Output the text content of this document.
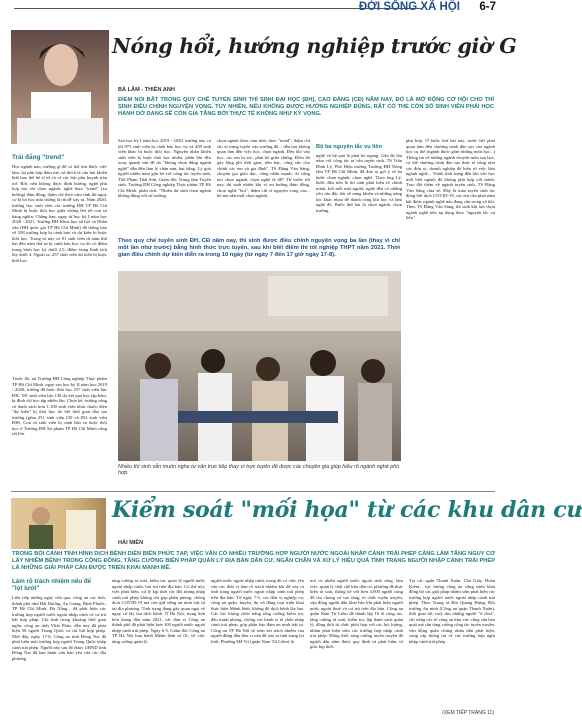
ĐỜI SỐNG XÃ HỘI 6-7
Nóng hổi, hướng nghiệp trước giờ G
BÀ LÂM - THIÊN ANH
ĐIỂM NỔI BẬT TRONG QUY CHẾ TUYỂN SINH THÌ SINH ĐẠI HỌC (ĐH), CAO ĐẲNG (CĐ) NĂM NAY, ĐÓ LÀ MỞ RỘNG CƠ HỘI CHO THÍ SINH ĐIỀU CHỈNH NGUYỆN VỌNG. TUY NHIÊN, NẾU KHÔNG ĐƯỢC HƯỚNG NGHIỆP ĐÚNG, RẤT CÓ THỂ CÒN SỐ SINH VIÊN PHẢI HỌC HÀNH DỞ DANG SẼ CÒN GIA TĂNG BỞI THỰC TẾ KHÔNG NHƯ KỲ VỌNG.
Trái đắng "trend"
Học ngành nào, trường gì để có thể tìm được việc làm, lại phù hợp đam mê, sở thích là câu hỏi khiến biết bao thế hệ sĩ tử và cả các bậc phụ huynh trăn trở. Bởi, nếu không được định hướng, nghề phù hợp mà chỉ chọn ngành, nghề theo "trend" (xu hướng) đám đông, thậm chí theo cảm tính thì nguy cơ bị bỏ học nửa chừng là rất dễ xảy ra. Năm 2020, trường học sinh viên các trường ĐH TP Hồ Chí Minh bị buộc thôi học giữa chừng lên tới con số hàng nghìn. Chẳng hạn, ngay từ học kỳ I năm học 2020 - 2021, Trường ĐH Khoa học xã hội và Nhân văn (ĐH quốc gia TP Hồ Chí Minh) đã thông báo về 358 trường hợp bị cảnh báo và dự kiến bị buộc thôi học. Trong số này có 91 sinh viên từ năm thứ hai đến năm thứ tư bị cảnh báo học vụ do có điểm trung bình học kỳ dưới 2,5; điểm trung bình tích lũy dưới 4. Ngoài ra, 257 sinh viên dự kiến bị buộc thôi học.
Trước đó, tại Trường ĐH Công nghiệp Thực phẩm TP Hồ Chí Minh, ngay sau học kỳ II năm học 2019 - 2020, trường đã buộc thôi học 257 sinh viên bậc ĐH, 181 sinh viên bậc CĐ do kết quả học tập kém, bị đình chỉ học tập nhiều lần. Chưa kể, trường cũng có danh sách hơn 1.100 sinh viên khác thuộc diện "dự kiến" bị thôi học do hết thời gian đào tạo trường (gồm 251 sinh viên CĐ và 852 sinh viên ĐH). Con số sinh viên bị cảnh báo và buộc thôi học ở Trường ĐH Sư phạm TP Hồ Chí Minh cũng rất lớn.
Sau học kỳ I năm học 2019 - 2020, trường này có tới 975 sinh viên bị cảnh báo học vụ và 458 sinh viên khác bị buộc thôi học. Nguyên nhân khiến sinh viên bị buộc thôi học nhiều, phần lớn đều xoay quanh vấn đề do "không chọn đúng ngành nghề" dẫn đến làm lý chán nản, hụt hẫng. Lý giải người nhiều năm gắn bó với công tác tuyển sinh, ThS Phạm Thái Sơn, Giám đốc Trung tâm Tuyển sinh, Trường ĐH Công nghiệp Thực phẩm TP Hồ Chí Minh, phân tích: "Nhiều thí sinh chọn ngành không đúng với sở trường.
chọn ngành theo cảm tính, theo "trend", thậm chí chỉ vì trúng tuyển vào trường đó... dẫu mà không quan tâm đến việc học, chọn ngành. Đến khi vào học, các em bị sốc, phải bỏ giữa chừng. Điều đó gây lãng phí thời gian, tiền bạc, công sức cho chính các em và gia đình". TS Đặng Văn Sáng, chuyên gia giáo dục, cũng nhấn mạnh: Ai cũng nói chọn ngành, chọn nghề là dễ? Từ trước tới nay, thí sinh nhiều khi vì xu hướng đám đông, chọn nghề "hot", thậm chí vì nguyện vọng của... bố mẹ nên mới chọn ngành,
Bộ ba nguyện tắc vụ liên
nghề và hệ quả là phải bỏ ngang. Gần đó lâu năm với công tác tư vấn tuyển sinh, TS Trần Đình Lý, Phó Hiệu trưởng Trường ĐH Nông lâm TP Hồ Chí Minh, đã đưa ra gợi ý về ba bước chọn ngành, chọn nghề. Theo ông Lý, bước đầu tiên là thí sinh phải hiểu rõ chính mình, bởi mỗi một người, nghề đều có những yêu cầu đặc thù về năng khiếu và những năng lực khác nhau để thành công khi học và làm nghề đó. Bước thứ hai là chọn ngành, chọn trường.
phù hợp. Ở bước thứ hai này, trước hết phải quan tâm đến chương trình đào tạo của ngành học cụ thể (ngành được gồm những môn học...) Thông tin về những ngành chuyên môn sau học, có thể chương trình đào tạo thực tế cũng như các đơn vị, doanh nghiệp để hiểu rõ việc làm ngành nghề... Tránh tình trạng đến khi vào học mới biết ngành đó không phù hợp với mình. Trao đổi thêm về ngành tuyển sinh, TS Đặng Văn Sáng chia sẻ: Đây là mùa tuyển sinh tác động bởi dịch COVID-19, các em cần phải nắm bắt được ngành nghề nào đang cần trong xã hội. Theo TS Đặng Văn Sáng, thí sinh khi lựa chọn ngành nghề nên áp dụng theo "nguyện tắc vụ liên".
Theo quy chế tuyển sinh ĐH, CĐ năm nay, thí sinh được điều chỉnh nguyện vọng ba lần (thay vì chỉ một lần như trước) bằng hình thức trực tuyến, sau khi biết điểm thi tốt nghiệp THPT năm 2021. Thời gian điều chỉnh dự kiến diễn ra trong 10 ngày (từ ngày 7 đến 17 giờ ngày 17-8).
Nhiều thí sinh vẫn muốn nghe tư vấn trực tiếp thay vì trực tuyến để được các chuyên gia giúp hiểu rõ ngành nghề phù hợp.
Kiểm soát "mối họa" từ các khu dân cư
HẢI MIÊN
TRONG BỐI CẢNH TÌNH HÌNH DỊCH BỆNH DIỄN BIẾN PHỨC TẠP, VIỆC VẪN CÓ NHIỀU TRƯỜNG HỢP NGƯỜI NƯỚC NGOÀI NHẬP CẢNH TRÁI PHÉP CÀNG LÀM TĂNG NGUY CƠ LÂY NHIỄM BỆNH TRONG CỘNG ĐỒNG. TĂNG CƯỜNG BIỆN PHÁP QUẢN LÝ ĐỊA BÀN DÂN CƯ, NGĂN CHẶN VÀ XỬ LÝ HIỆU QUẢ TÌNH TRẠNG NGƯỜI NHẬP CẢNH TRÁI PHÉP LÀ NHỮNG GIẢI PHÁP CẦN ĐƯỢC TRIỂN KHAI MẠNH MẼ.
Làm rõ trách nhiệm nếu để "lọt lưới"
Liên tiếp những ngày vừa qua, công an các tỉnh, thành phố như Hải Dương, An Giang, Bình Phước, TP Hồ Chí Minh, Đà Nẵng... đã phát hiện các trường hợp người nước ngoài nhập cảnh và cư trú bất hợp pháp. Chỉ tính trong khoảng thời gian ngắn, công an tỉnh Vĩnh Phúc, đến nay đã phát hiện 58 người Trung Quốc cư trú bất hợp pháp. Mới đây, ngày 17-6, Công an tỉnh Đồng Nai đã phát hiện một trường hợp người Trung Quốc nhập cảnh trái phép. Người này sau đó được UBND tỉnh Đồng Nai đã ban hành văn bản yêu cầu các địa phương
tăng cường rà soát, kiểm tra, quản lý người nước ngoài nhập cảnh, lưu trú trên địa bàn. Có thể nói, việc phát hiện, xử lý kịp thời các đối tượng nhập cảnh trái phép không chỉ góp phần phòng, chống dịch COVID-19 mà còn giữ vững an ninh trật tự tại địa phương. Tình trạng đang gây quan ngại về nguy cơ lây lan dịch bệnh. Ở Hà Nội, trong hơn bốn tháng đầu năm 2021, các đơn vị Công an thành phố đã phát hiện hơn 100 người nước ngoài nhập cảnh trái phép. Ngày 6-5, Giám đốc Công an TP Hà Nội ban hành Mệnh lệnh số 01, về việc tăng cường quản lý
người nước ngoài nhập cảnh, trong đó có việc yêu cầu các đơn vị làm rõ trách nhiệm khi để xảy ra tình trạng người nước ngoài nhập cảnh trái phép trên địa bàn. Từ ngày 7-5, các đơn vị nghiệp vụ, công an quận, huyện, thị xã đồng loạt triển khai thực hiện Mệnh lệnh, không để dịch bệnh lây lan. Các lực lượng chức năng tăng cường kiểm tra, đấu tranh phòng, chống các hành vi tổ chức nhập cảnh trái phép, góp phần bảo đảm an ninh trật tự. Công an TP Hà Nội sẽ xem xét trách nhiệm của người đứng đầu đơn vị nếu để xảy ra tình trạng lọt lưới. Phường Mễ Trì (quận Nam Từ Liêm) là
nơi có nhiều người nước ngoài sinh sống, làm việc, quản lý chặt chẽ khu dân cư, phường đã thực hiện rà soát, thống kê với hơn 4.000 người cùng 48 tòa chung cư cao tầng, tổ chức tuyên truyền, vận động người dân khai báo khi phát hiện người nước ngoài thuê và cư trú trên địa bàn. Công an quận Nam Từ Liêm đã thành lập 10 tổ công tác, tăng cường rà soát, kiểm tra, lập danh sách quản lý, đồng thời tổ chức phối hợp với các lực lượng, nhằm phát hiện sớm các trường hợp nhập cảnh trái phép. Đồng thời, tăng cường tuyên truyền để người dân nắm được quy định và phát hiện, tố giác kịp thời.
Tại các quận Thanh Xuân, Cầu Giấy, Hoàn Kiếm... lực lượng công an cũng triển khai đồng bộ các giải pháp nhằm sớm phát hiện các trường hợp người nước ngoài nhập cảnh trái phép. Theo Trung tá Bùi Quang Hưng, Đội trưởng An ninh (Công an quận Thanh Xuân), thời gian tới, trưy tìm những người "ở chui", chỉ riêng các tổ công an khu vực cũng cần bảo quát mà cần tăng cường công tác tuyên truyền, vận động quần chúng nhân dân phát hiện, cung cấp thông tin về các trường hợp nghi nhập cảnh trái phép.
(XEM TIẾP TRANG 11)
